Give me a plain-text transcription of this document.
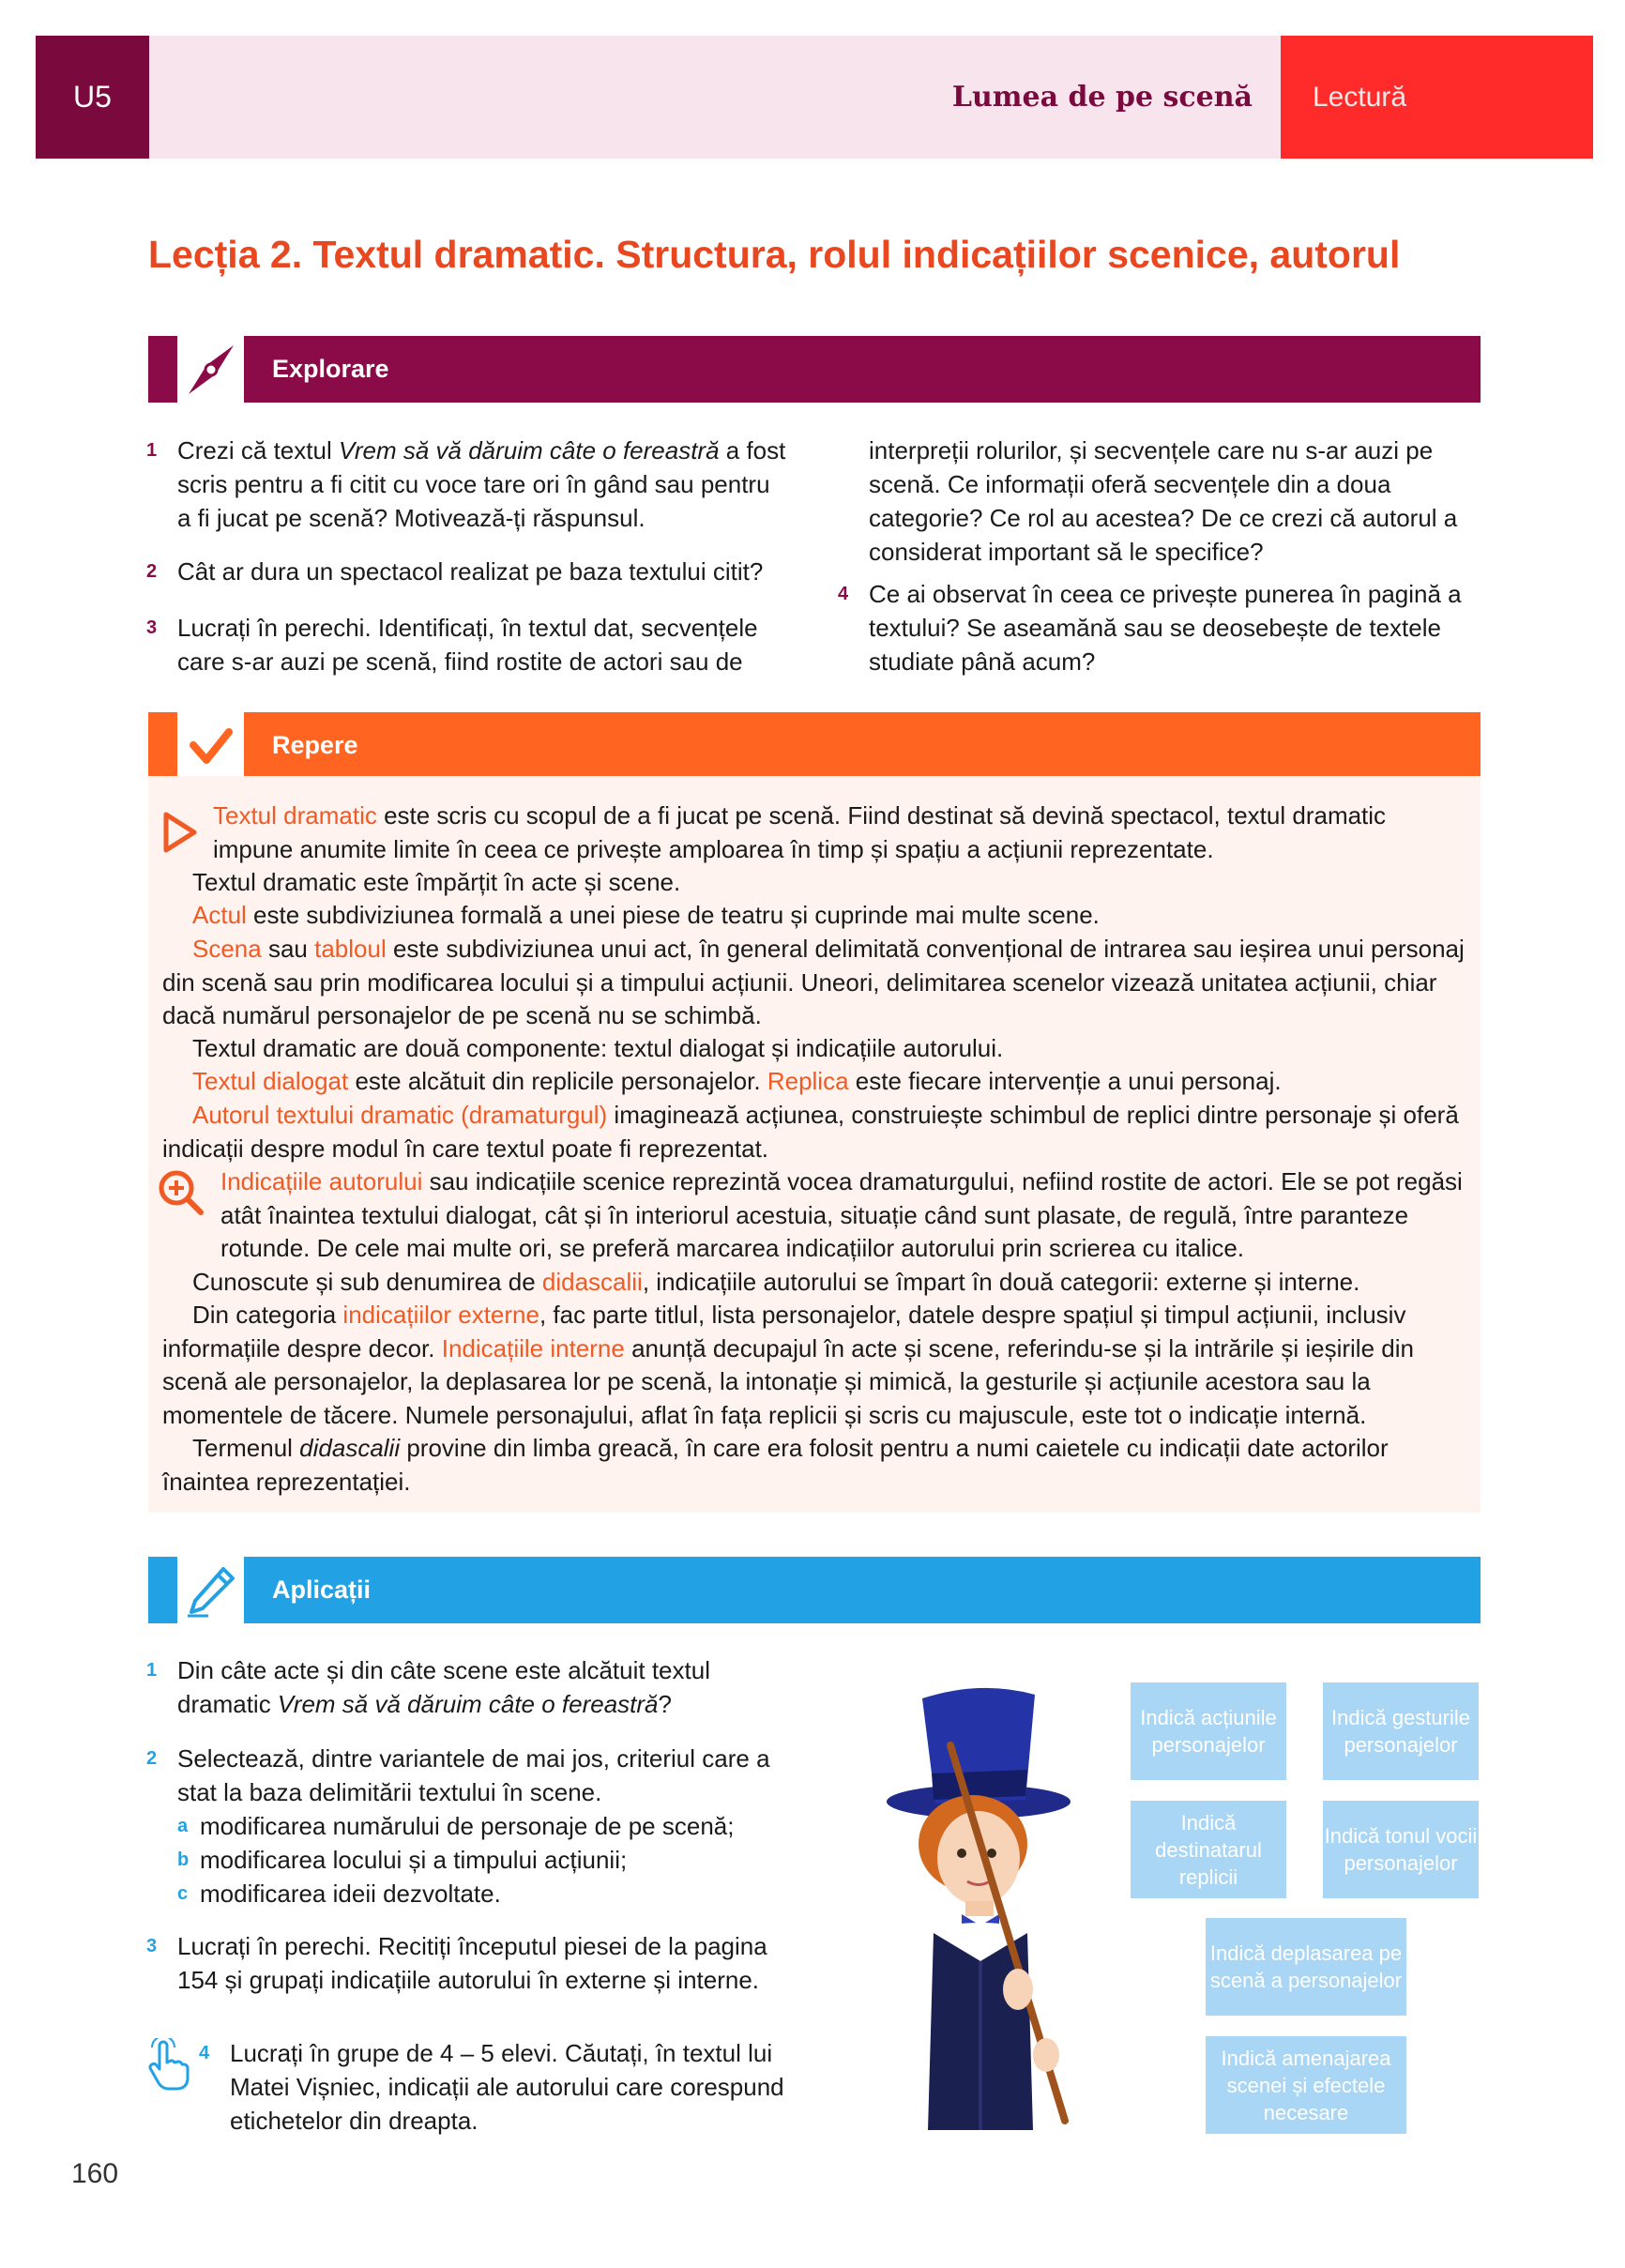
U5	Lumea de pe scenă	Lectură
Lecția 2. Textul dramatic. Structura, rolul indicațiilor scenice, autorul
Explorare
1 Crezi că textul Vrem să vă dăruim câte o fereastră a fost scris pentru a fi citit cu voce tare ori în gând sau pentru a fi jucat pe scenă? Motivează-ți răspunsul.
2 Cât ar dura un spectacol realizat pe baza textului citit?
3 Lucrați în perechi. Identificați, în textul dat, secvențele care s-ar auzi pe scenă, fiind rostite de actori sau de
interpreții rolurilor, și secvențele care nu s-ar auzi pe scenă. Ce informații oferă secvențele din a doua categorie? Ce rol au acestea? De ce crezi că autorul a considerat important să le specifice?
4 Ce ai observat în ceea ce privește punerea în pagină a textului? Se aseamănă sau se deosebește de textele studiate până acum?
Repere
Textul dramatic este scris cu scopul de a fi jucat pe scenă. Fiind destinat să devină spectacol, textul dramatic impune anumite limite în ceea ce privește amploarea în timp și spațiu a acțiunii reprezentate.
Textul dramatic este împărțit în acte și scene.
Actul este subdiviziunea formală a unei piese de teatru și cuprinde mai multe scene.
Scena sau tabloul este subdiviziunea unui act, în general delimitată convențional de intrarea sau ieșirea unui personaj din scenă sau prin modificarea locului și a timpului acțiunii. Uneori, delimitarea scenelor vizează unitatea acțiunii, chiar dacă numărul personajelor de pe scenă nu se schimbă.
Textul dramatic are două componente: textul dialogat și indicațiile autorului.
Textul dialogat este alcătuit din replicile personajelor. Replica este fiecare intervenție a unui personaj.
Autorul textului dramatic (dramaturgul) imaginează acțiunea, construiește schimbul de replici dintre personaje și oferă indicații despre modul în care textul poate fi reprezentat.
Indicațiile autorului sau indicațiile scenice reprezintă vocea dramaturgului, nefiind rostite de actori. Ele se pot regăsi atât înaintea textului dialogat, cât și în interiorul acestuia, situație când sunt plasate, de regulă, între paranteze rotunde. De cele mai multe ori, se preferă marcarea indicațiilor autorului prin scrierea cu italice.
Cunoscute și sub denumirea de didascalii, indicațiile autorului se împart în două categorii: externe și interne.
Din categoria indicațiilor externe, fac parte titlul, lista personajelor, datele despre spațiul și timpul acțiunii, inclusiv informațiile despre decor. Indicațiile interne anunță decupajul în acte și scene, referindu-se și la intrările și ieșirile din scenă ale personajelor, la deplasarea lor pe scenă, la intonație și mimică, la gesturile și acțiunile acestora sau la momentele de tăcere. Numele personajului, aflat în fața replicii și scris cu majuscule, este tot o indicație internă.
Termenul didascalii provine din limba greacă, în care era folosit pentru a numi caietele cu indicații date actorilor înaintea reprezentației.
Aplicații
1 Din câte acte și din câte scene este alcătuit textul dramatic Vrem să vă dăruim câte o fereastră?
2 Selectează, dintre variantele de mai jos, criteriul care a stat la baza delimitării textului în scene.
a modificarea numărului de personaje de pe scenă;
b modificarea locului și a timpului acțiunii;
c modificarea ideii dezvoltate.
3 Lucrați în perechi. Recitiți începutul piesei de la pagina 154 și grupați indicațiile autorului în externe și interne.
4 Lucrați în grupe de 4 – 5 elevi. Căutați, în textul lui Matei Vișniec, indicații ale autorului care corespund etichetelor din dreapta.
Indică acțiunile personajelor
Indică gesturile personajelor
Indică destinatarul replicii
Indică tonul vocii personajelor
Indică deplasarea pe scenă a personajelor
Indică amenajarea scenei și efectele necesare
160
